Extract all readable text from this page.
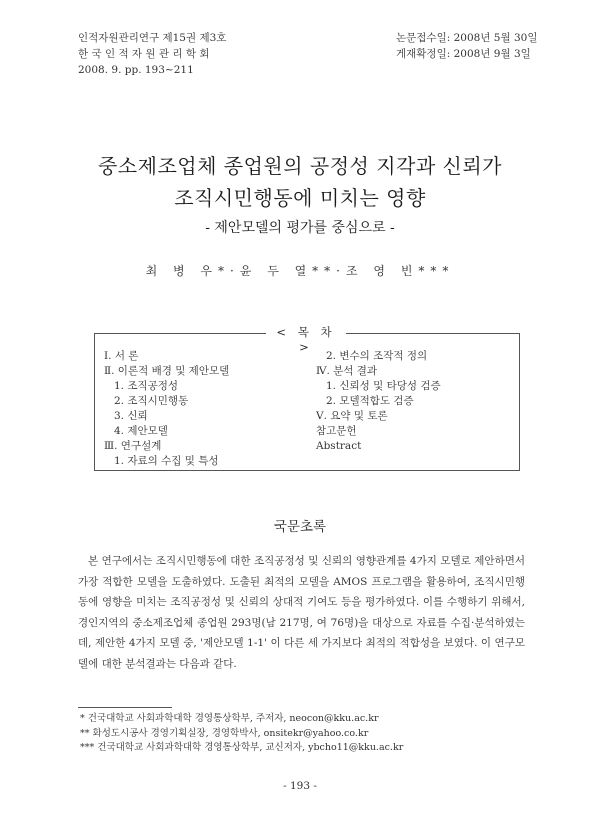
인적자원관리연구 제15권 제3호
한 국 인 적 자 원 관 리 학 회
2008. 9. pp. 193~211
논문접수일: 2008년 5월 30일
게재확정일: 2008년 9월 3일
중소제조업체 종업원의 공정성 지각과 신뢰가
조직시민행동에 미치는 영향
- 제안모델의 평가를 중심으로 -
최 병 우*·윤 두 열**·조 영 빈***
< 목 차 >
Ⅰ. 서 론
Ⅱ. 이론적 배경 및 제안모델
1. 조직공정성
2. 조직시민행동
3. 신뢰
4. 제안모델
Ⅲ. 연구설계
1. 자료의 수집 및 특성
2. 변수의 조작적 정의
Ⅳ. 분석 결과
1. 신뢰성 및 타당성 검증
2. 모델적합도 검증
Ⅴ. 요약 및 토론
참고문헌
Abstract
국문초록
본 연구에서는 조직시민행동에 대한 조직공정성 및 신뢰의 영향관계를 4가지 모델로 제안하면서 가장 적합한 모델을 도출하였다. 도출된 최적의 모델을 AMOS 프로그램을 활용하여, 조직시민행동에 영향을 미치는 조직공정성 및 신뢰의 상대적 기여도 등을 평가하였다. 이를 수행하기 위해서, 경인지역의 중소제조업체 종업원 293명(남 217명, 여 76명)을 대상으로 자료를 수집·분석하였는데, 제안한 4가지 모델 중, '제안모델 1-1' 이 다른 세 가지보다 최적의 적합성을 보였다. 이 연구모델에 대한 분석결과는 다음과 같다.
* 건국대학교 사회과학대학 경영통상학부, 주저자, neocon@kku.ac.kr
** 화성도시공사 경영기획실장, 경영학박사, onsitekr@yahoo.co.kr
*** 건국대학교 사회과학대학 경영통상학부, 교신저자, ybcho11@kku.ac.kr
- 193 -
